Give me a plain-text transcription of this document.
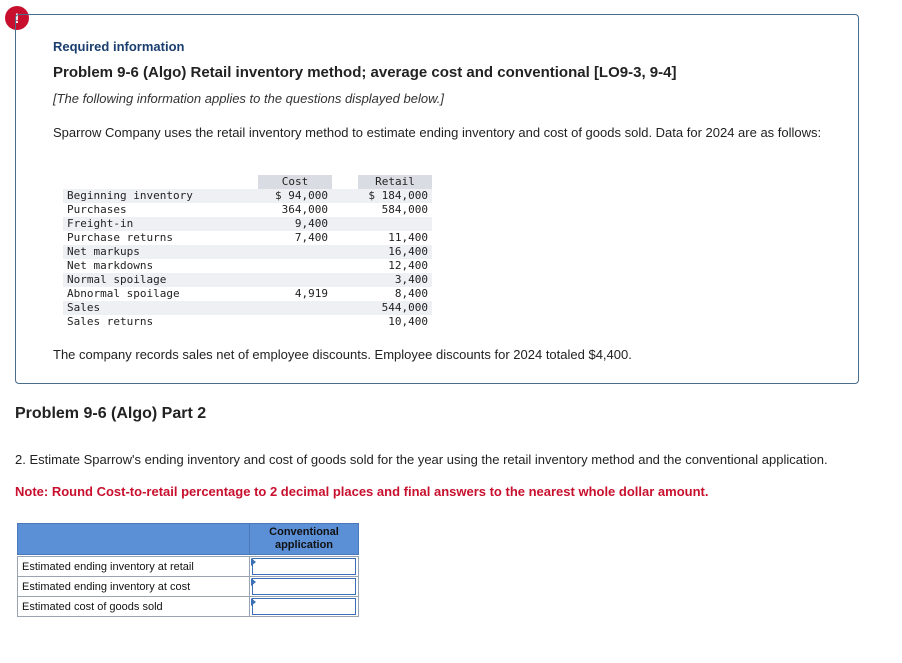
!
Required information
Problem 9-6 (Algo) Retail inventory method; average cost and conventional [LO9-3, 9-4]
[The following information applies to the questions displayed below.]
Sparrow Company uses the retail inventory method to estimate ending inventory and cost of goods sold. Data for 2024 are as follows:
	Cost		Retail
Beginning inventory	$ 94,000		$ 184,000
Purchases	364,000		584,000
Freight-in	9,400		
Purchase returns	7,400		11,400
Net markups			16,400
Net markdowns			12,400
Normal spoilage			3,400
Abnormal spoilage	4,919		8,400
Sales			544,000
Sales returns			10,400
The company records sales net of employee discounts. Employee discounts for 2024 totaled $4,400.
Problem 9-6 (Algo) Part 2
2. Estimate Sparrow's ending inventory and cost of goods sold for the year using the retail inventory method and the conventional application.
Note: Round Cost-to-retail percentage to 2 decimal places and final answers to the nearest whole dollar amount.
	Conventional application

Estimated ending inventory at retail	

Estimated ending inventory at cost	

Estimated cost of goods sold	
